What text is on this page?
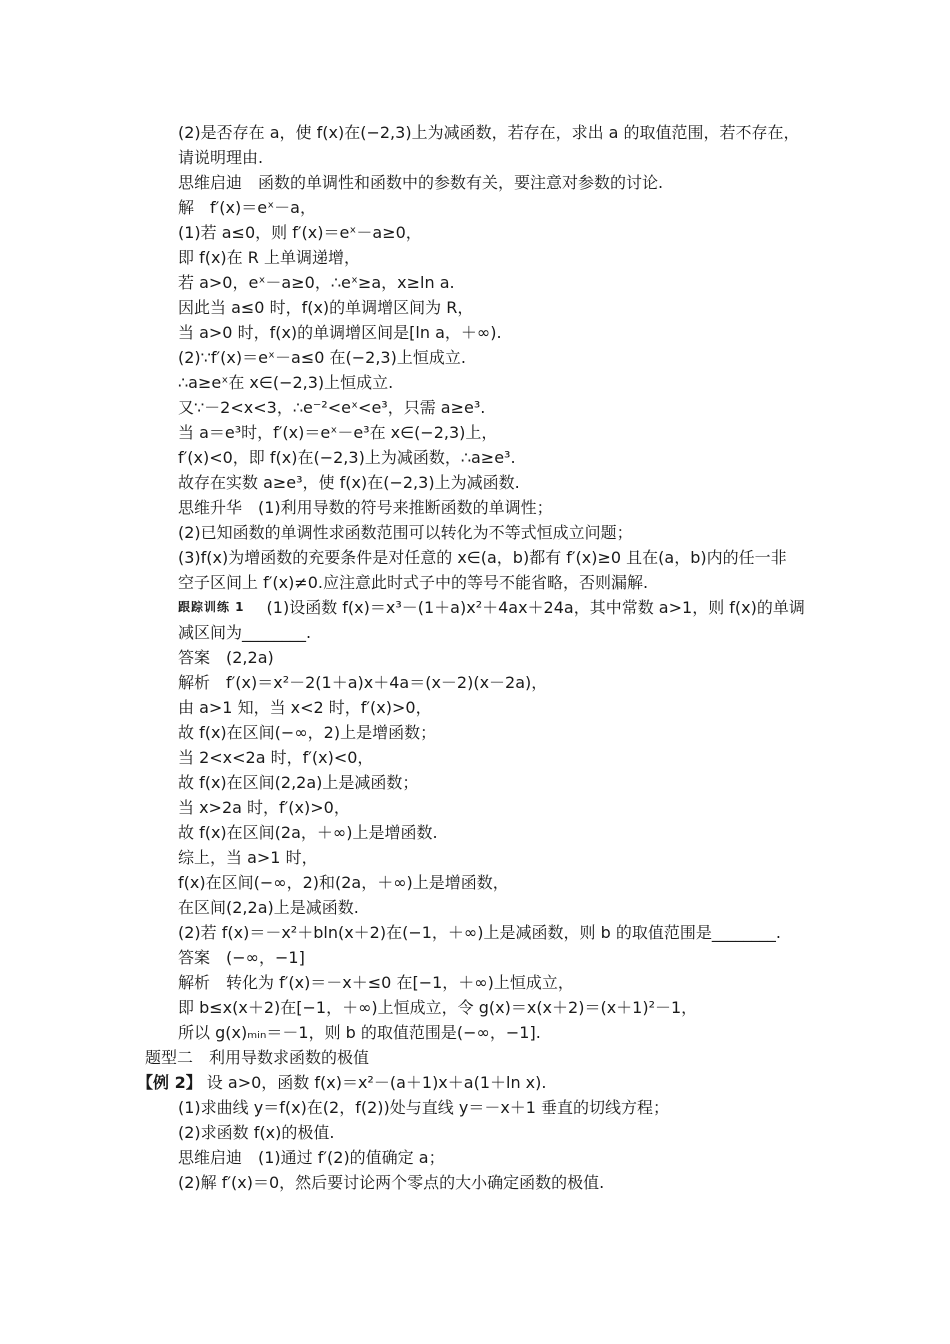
(2)是否存在 a，使 f(x)在(−2,3)上为减函数，若存在，求出 a 的取值范围，若不存在，
请说明理由.
思维启迪　函数的单调性和函数中的参数有关，要注意对参数的讨论.
解　f′(x)＝eˣ－a，
(1)若 a≤0，则 f′(x)＝eˣ－a≥0，
即 f(x)在 R 上单调递增，
若 a>0，eˣ－a≥0，∴eˣ≥a，x≥ln a.
因此当 a≤0 时，f(x)的单调增区间为 R，
当 a>0 时，f(x)的单调增区间是[ln a，＋∞).
(2)∵f′(x)＝eˣ－a≤0 在(−2,3)上恒成立.
∴a≥eˣ在 x∈(−2,3)上恒成立.
又∵－2<x<3，∴e⁻²<eˣ<e³，只需 a≥e³.
当 a＝e³时，f′(x)＝eˣ－e³在 x∈(−2,3)上，
f′(x)<0，即 f(x)在(−2,3)上为减函数，∴a≥e³.
故存在实数 a≥e³，使 f(x)在(−2,3)上为减函数.
思维升华　(1)利用导数的符号来推断函数的单调性；
(2)已知函数的单调性求函数范围可以转化为不等式恒成立问题；
(3)f(x)为增函数的充要条件是对任意的 x∈(a，b)都有 f′(x)≥0 且在(a，b)内的任一非
空子区间上 f′(x)≠0.应注意此时式子中的等号不能省略，否则漏解.
跟踪训练 1 (1)设函数 f(x)＝x³－(1＋a)x²＋4ax＋24a，其中常数 a>1，则 f(x)的单调
减区间为________.
答案　(2,2a)
解析　f′(x)＝x²－2(1＋a)x＋4a＝(x－2)(x－2a)，
由 a>1 知，当 x<2 时，f′(x)>0，
故 f(x)在区间(−∞，2)上是增函数；
当 2<x<2a 时，f′(x)<0，
故 f(x)在区间(2,2a)上是减函数；
当 x>2a 时，f′(x)>0，
故 f(x)在区间(2a，＋∞)上是增函数.
综上，当 a>1 时，
f(x)在区间(−∞，2)和(2a，＋∞)上是增函数，
在区间(2,2a)上是减函数.
(2)若 f(x)＝－x²＋bln(x＋2)在(−1，＋∞)上是减函数，则 b 的取值范围是________.
答案　(−∞，−1]
解析　转化为 f′(x)＝－x＋≤0 在[−1，＋∞)上恒成立，
即 b≤x(x＋2)在[−1，＋∞)上恒成立，令 g(x)＝x(x＋2)＝(x＋1)²－1，
所以 g(x)ₘᵢₙ＝－1，则 b 的取值范围是(−∞，−1].
题型二　利用导数求函数的极值
【例 2】 设 a>0，函数 f(x)＝x²－(a＋1)x＋a(1＋ln x).
(1)求曲线 y＝f(x)在(2，f(2))处与直线 y＝－x＋1 垂直的切线方程；
(2)求函数 f(x)的极值.
思维启迪　(1)通过 f′(2)的值确定 a；
(2)解 f′(x)＝0，然后要讨论两个零点的大小确定函数的极值.
